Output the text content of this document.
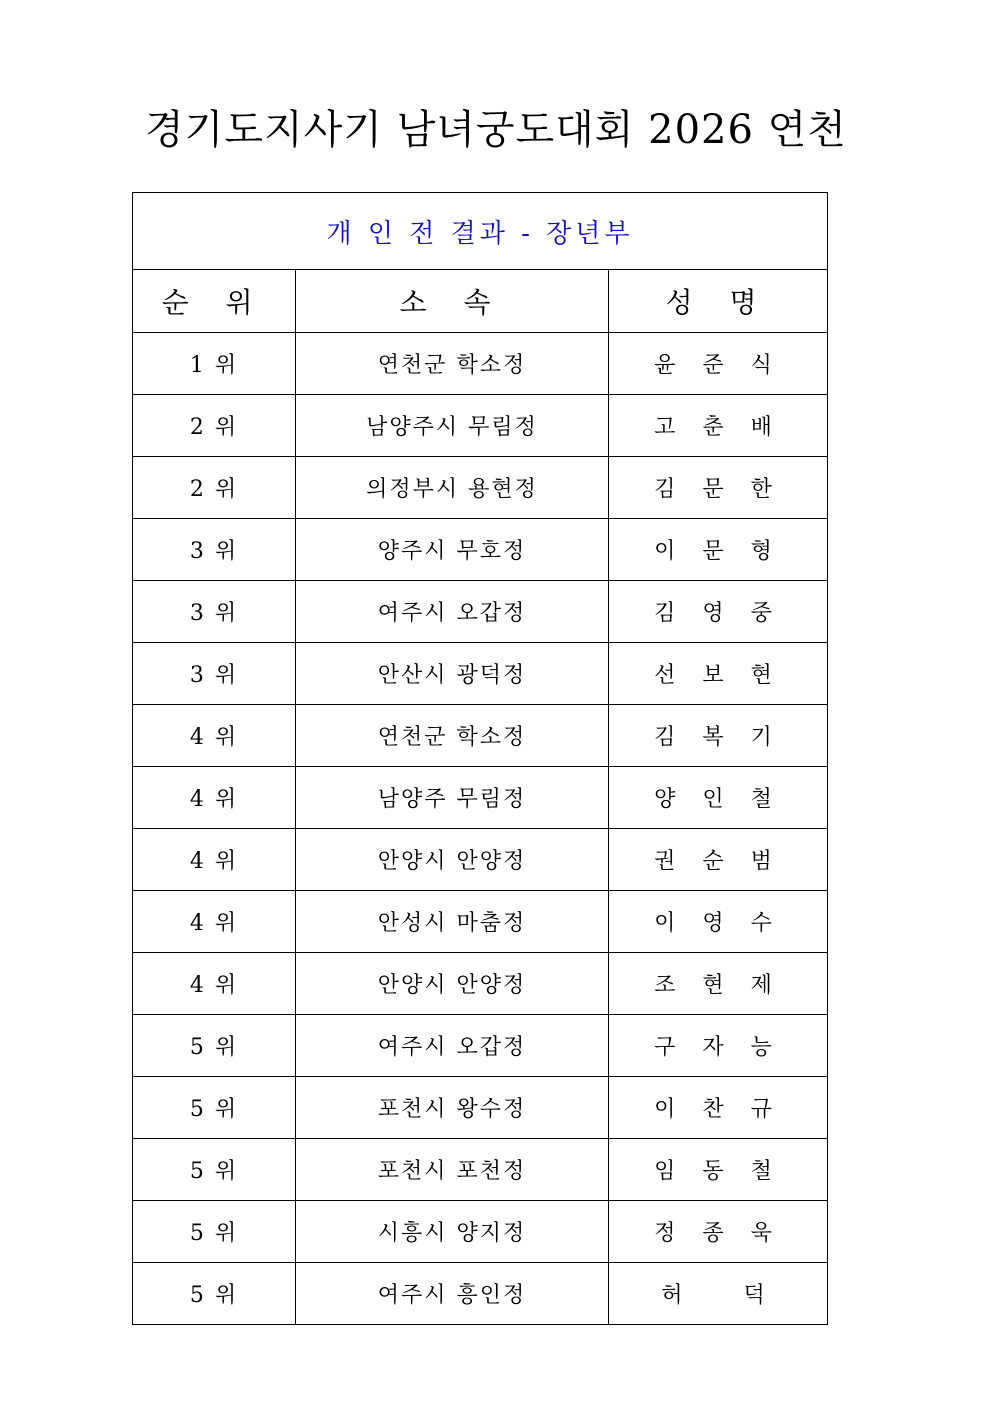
경기도지사기 남녀궁도대회 2026 연천
개 인 전 결과 - 장년부		
순 위	소 속	성 명
1 위	연천군 학소정	윤 준 식
2 위	남양주시 무림정	고 춘 배
2 위	의정부시 용현정	김 문 한
3 위	양주시 무호정	이 문 형
3 위	여주시 오갑정	김 영 중
3 위	안산시 광덕정	선 보 현
4 위	연천군 학소정	김 복 기
4 위	남양주 무림정	양 인 철
4 위	안양시 안양정	권 순 범
4 위	안성시 마춤정	이 영 수
4 위	안양시 안양정	조 현 제
5 위	여주시 오갑정	구 자 능
5 위	포천시 왕수정	이 찬 규
5 위	포천시 포천정	임 동 철
5 위	시흥시 양지정	정 종 욱
5 위	여주시 흥인정	허   덕
